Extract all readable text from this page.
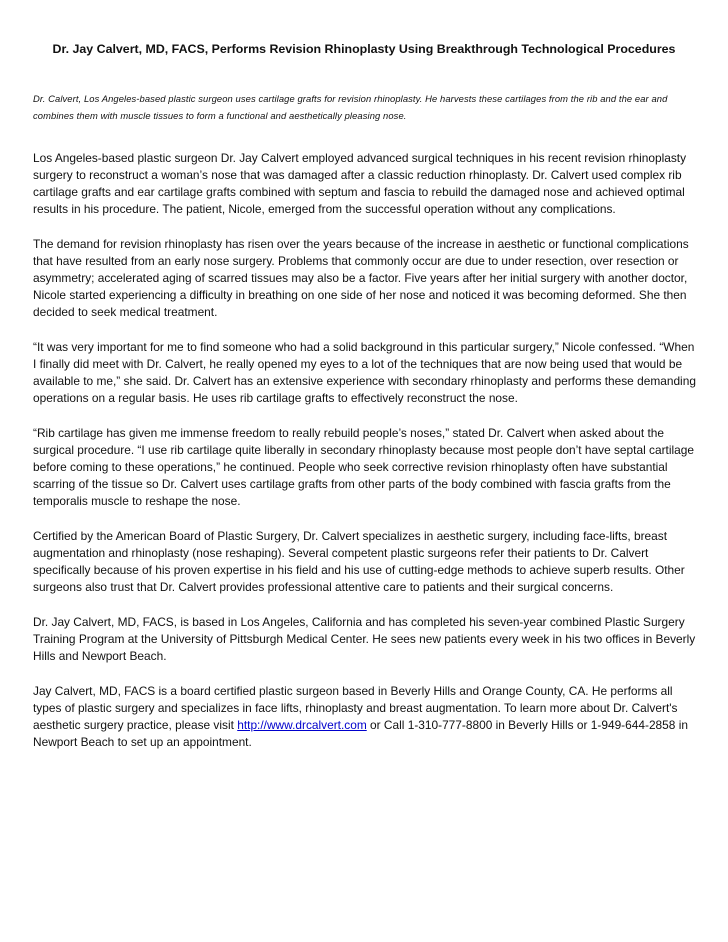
Dr. Jay Calvert, MD, FACS, Performs Revision Rhinoplasty Using Breakthrough Technological Procedures

Dr. Calvert, Los Angeles-based plastic surgeon uses cartilage grafts for revision rhinoplasty. He harvests these cartilages from the rib and the ear and combines them with muscle tissues to form a functional and aesthetically pleasing nose.

Los Angeles-based plastic surgeon Dr. Jay Calvert employed advanced surgical techniques in his recent revision rhinoplasty surgery to reconstruct a woman’s nose that was damaged after a classic reduction rhinoplasty. Dr. Calvert used complex rib cartilage grafts and ear cartilage grafts combined with septum and fascia to rebuild the damaged nose and achieved optimal results in his procedure. The patient, Nicole, emerged from the successful operation without any complications.

The demand for revision rhinoplasty has risen over the years because of the increase in aesthetic or functional complications that have resulted from an early nose surgery. Problems that commonly occur are due to under resection, over resection or asymmetry; accelerated aging of scarred tissues may also be a factor. Five years after her initial surgery with another doctor, Nicole started experiencing a difficulty in breathing on one side of her nose and noticed it was becoming deformed. She then decided to seek medical treatment.

“It was very important for me to find someone who had a solid background in this particular surgery,” Nicole confessed. “When I finally did meet with Dr. Calvert, he really opened my eyes to a lot of the techniques that are now being used that would be available to me,” she said. Dr. Calvert has an extensive experience with secondary rhinoplasty and performs these demanding operations on a regular basis. He uses rib cartilage grafts to effectively reconstruct the nose.

“Rib cartilage has given me immense freedom to really rebuild people’s noses,” stated Dr. Calvert when asked about the surgical procedure. “I use rib cartilage quite liberally in secondary rhinoplasty because most people don’t have septal cartilage before coming to these operations,” he continued. People who seek corrective revision rhinoplasty often have substantial scarring of the tissue so Dr. Calvert uses cartilage grafts from other parts of the body combined with fascia grafts from the temporalis muscle to reshape the nose.

Certified by the American Board of Plastic Surgery, Dr. Calvert specializes in aesthetic surgery, including face-lifts, breast augmentation and rhinoplasty (nose reshaping). Several competent plastic surgeons refer their patients to Dr. Calvert specifically because of his proven expertise in his field and his use of cutting-edge methods to achieve superb results. Other surgeons also trust that Dr. Calvert provides professional attentive care to patients and their surgical concerns.

Dr. Jay Calvert, MD, FACS, is based in Los Angeles, California and has completed his seven-year combined Plastic Surgery Training Program at the University of Pittsburgh Medical Center. He sees new patients every week in his two offices in Beverly Hills and Newport Beach.

Jay Calvert, MD, FACS is a board certified plastic surgeon based in Beverly Hills and Orange County, CA. He performs all types of plastic surgery and specializes in face lifts, rhinoplasty and breast augmentation. To learn more about Dr. Calvert's aesthetic surgery practice, please visit http://www.drcalvert.com or Call 1-310-777-8800 in Beverly Hills or 1-949-644-2858 in Newport Beach to set up an appointment.
